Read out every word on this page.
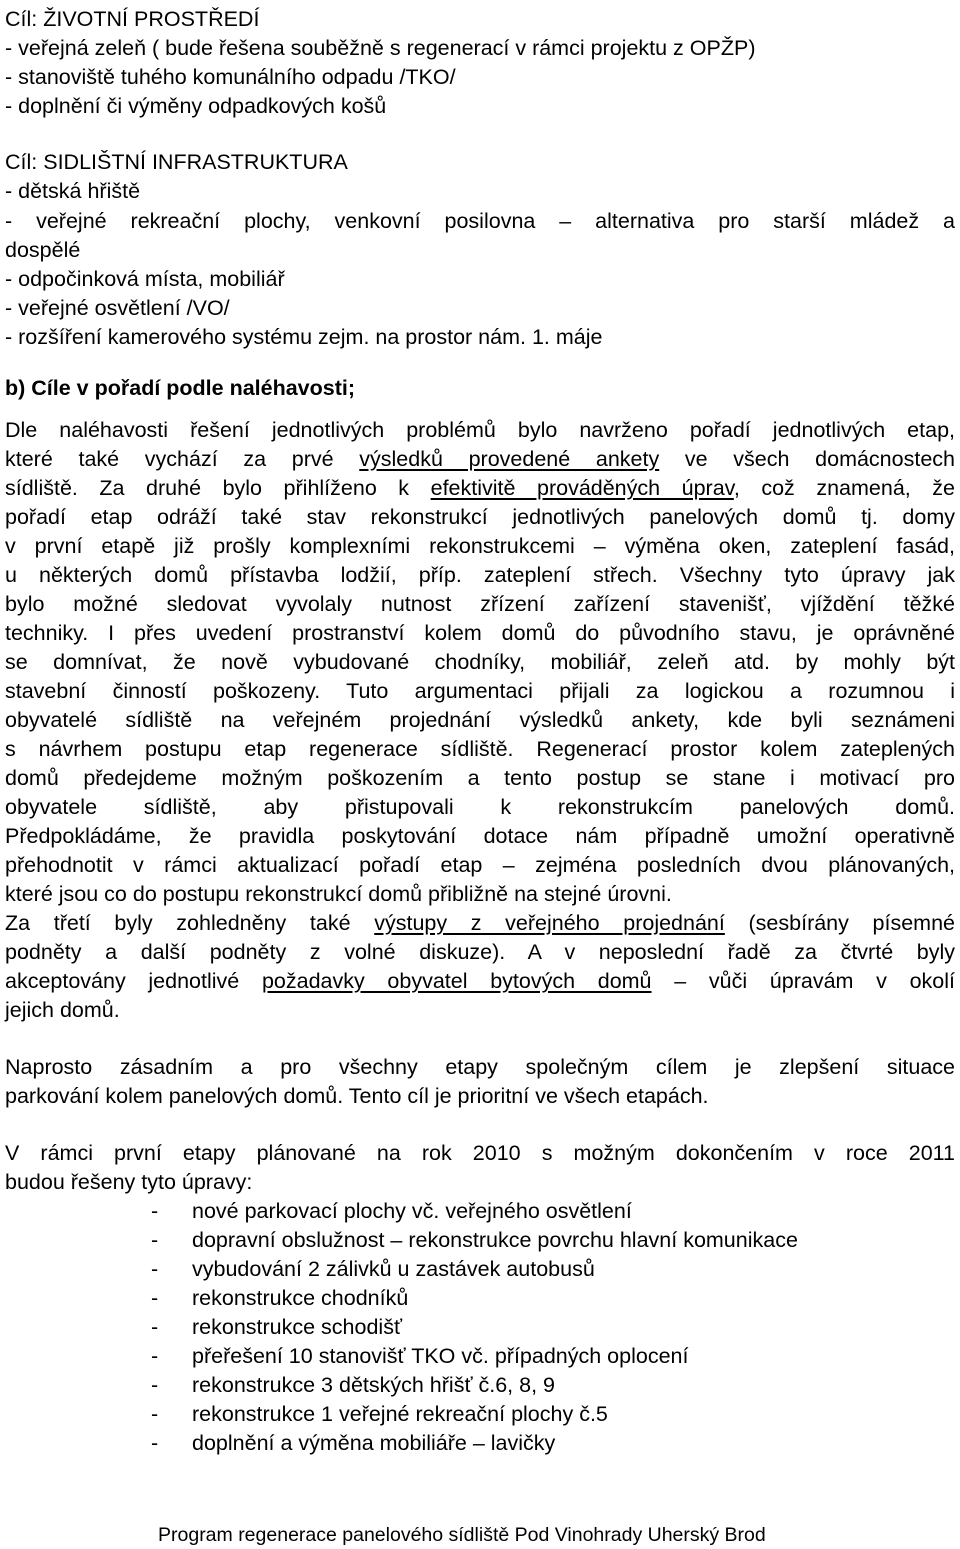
Cíl: ŽIVOTNÍ PROSTŘEDÍ
- veřejná zeleň ( bude řešena souběžně s regenerací v rámci projektu z OPŽP)
- stanoviště tuhého komunálního odpadu /TKO/
- doplnění či výměny odpadkových košů
Cíl: SIDLIŠTNÍ INFRASTRUKTURA
- dětská hřiště
- veřejné rekreační plochy, venkovní posilovna – alternativa pro starší mládež a
dospělé
- odpočinková místa, mobiliář
- veřejné osvětlení /VO/
- rozšíření kamerového systému zejm. na prostor nám. 1. máje
b) Cíle v pořadí podle naléhavosti;
Dle naléhavosti řešení jednotlivých problémů bylo navrženo pořadí jednotlivých etap,
které také vychází za prvé výsledků provedené ankety ve všech domácnostech
sídliště. Za druhé bylo přihlíženo k efektivitě prováděných úprav, což znamená, že
pořadí etap odráží také stav rekonstrukcí jednotlivých panelových domů tj. domy
v první etapě již prošly komplexními rekonstrukcemi – výměna oken, zateplení fasád,
u některých domů přístavba lodžií, příp. zateplení střech. Všechny tyto úpravy jak
bylo možné sledovat vyvolaly nutnost zřízení zařízení stavenišť, vjíždění těžké
techniky. I přes uvedení prostranství kolem domů do původního stavu, je oprávněné
se domnívat, že nově vybudované chodníky, mobiliář, zeleň atd. by mohly být
stavební činností poškozeny. Tuto argumentaci přijali za logickou a rozumnou i
obyvatelé sídliště na veřejném projednání výsledků ankety, kde byli seznámeni
s návrhem postupu etap regenerace sídliště. Regenerací prostor kolem zateplených
domů předejdeme možným poškozením a tento postup se stane i motivací pro
obyvatele sídliště, aby přistupovali k rekonstrukcím panelových domů.
Předpokládáme, že pravidla poskytování dotace nám případně umožní operativně
přehodnotit v rámci aktualizací pořadí etap – zejména posledních dvou plánovaných,
které jsou co do postupu rekonstrukcí domů přibližně na stejné úrovni.
Za třetí byly zohledněny také výstupy z veřejného projednání (sesbírány písemné
podněty a další podněty z volné diskuze). A v neposlední řadě za čtvrté byly
akceptovány jednotlivé požadavky obyvatel bytových domů – vůči úpravám v okolí
jejich domů.
Naprosto zásadním a pro všechny etapy společným cílem je zlepšení situace
parkování kolem panelových domů. Tento cíl je prioritní ve všech etapách.
V rámci první etapy plánované na rok 2010 s možným dokončením v roce 2011
budou řešeny tyto úpravy:
- nové parkovací plochy vč. veřejného osvětlení
- dopravní obslužnost – rekonstrukce povrchu hlavní komunikace
- vybudování 2 zálivků u zastávek autobusů
- rekonstrukce chodníků
- rekonstrukce schodišť
- přeřešení 10 stanovišť TKO vč. případných oplocení
- rekonstrukce 3 dětských hřišť č.6, 8, 9
- rekonstrukce 1 veřejné rekreační plochy č.5
- doplnění a výměna mobiliáře – lavičky
Program regenerace panelového sídliště Pod Vinohrady Uherský Brod
